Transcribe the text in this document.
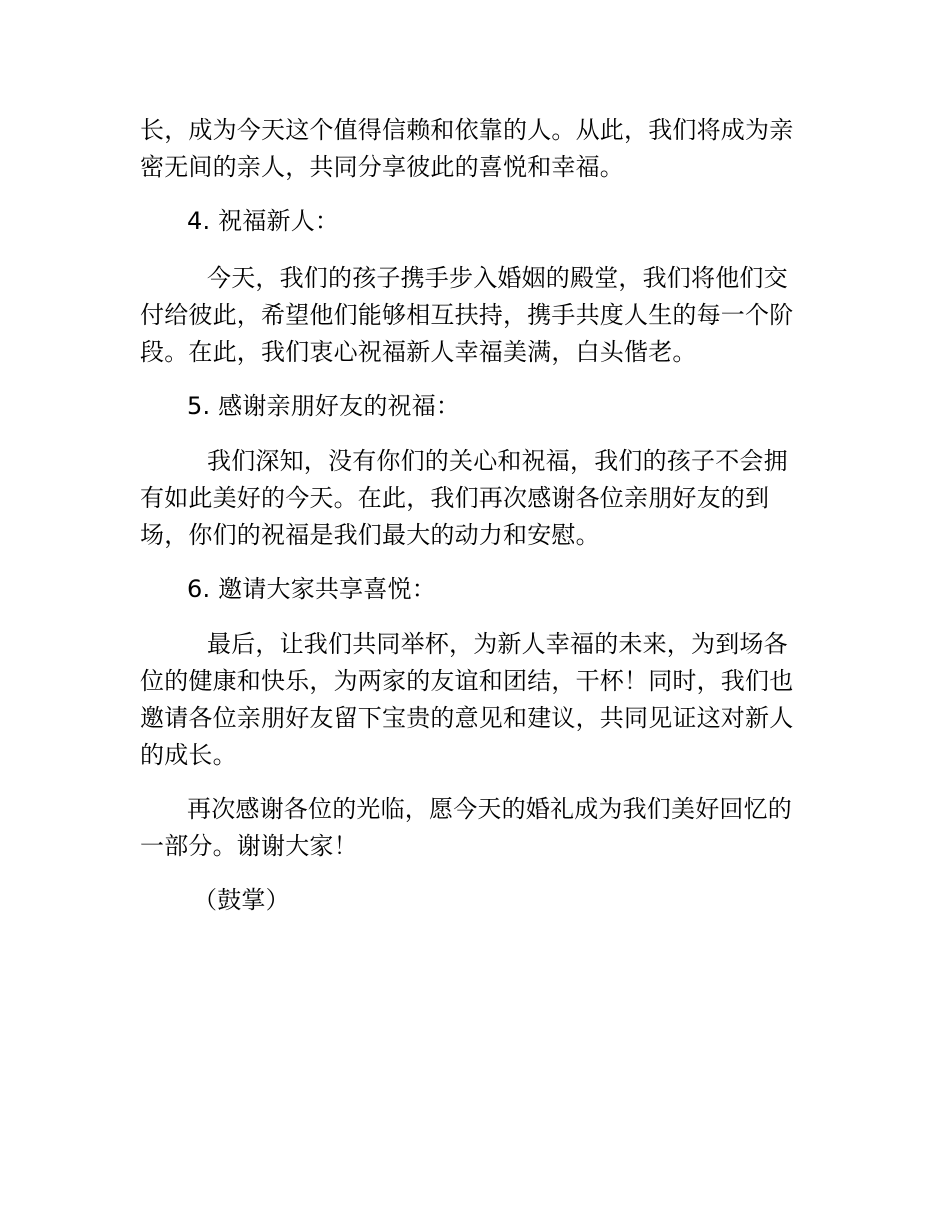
长，成为今天这个值得信赖和依靠的人。从此，我们将成为亲
密无间的亲人，共同分享彼此的喜悦和幸福。
4. 祝福新人：
今天，我们的孩子携手步入婚姻的殿堂，我们将他们交
付给彼此，希望他们能够相互扶持，携手共度人生的每一个阶
段。在此，我们衷心祝福新人幸福美满，白头偕老。
5. 感谢亲朋好友的祝福：
我们深知，没有你们的关心和祝福，我们的孩子不会拥
有如此美好的今天。在此，我们再次感谢各位亲朋好友的到
场，你们的祝福是我们最大的动力和安慰。
6. 邀请大家共享喜悦：
最后，让我们共同举杯，为新人幸福的未来，为到场各
位的健康和快乐，为两家的友谊和团结，干杯！同时，我们也
邀请各位亲朋好友留下宝贵的意见和建议，共同见证这对新人
的成长。
再次感谢各位的光临，愿今天的婚礼成为我们美好回忆的
一部分。谢谢大家！
（鼓掌）
